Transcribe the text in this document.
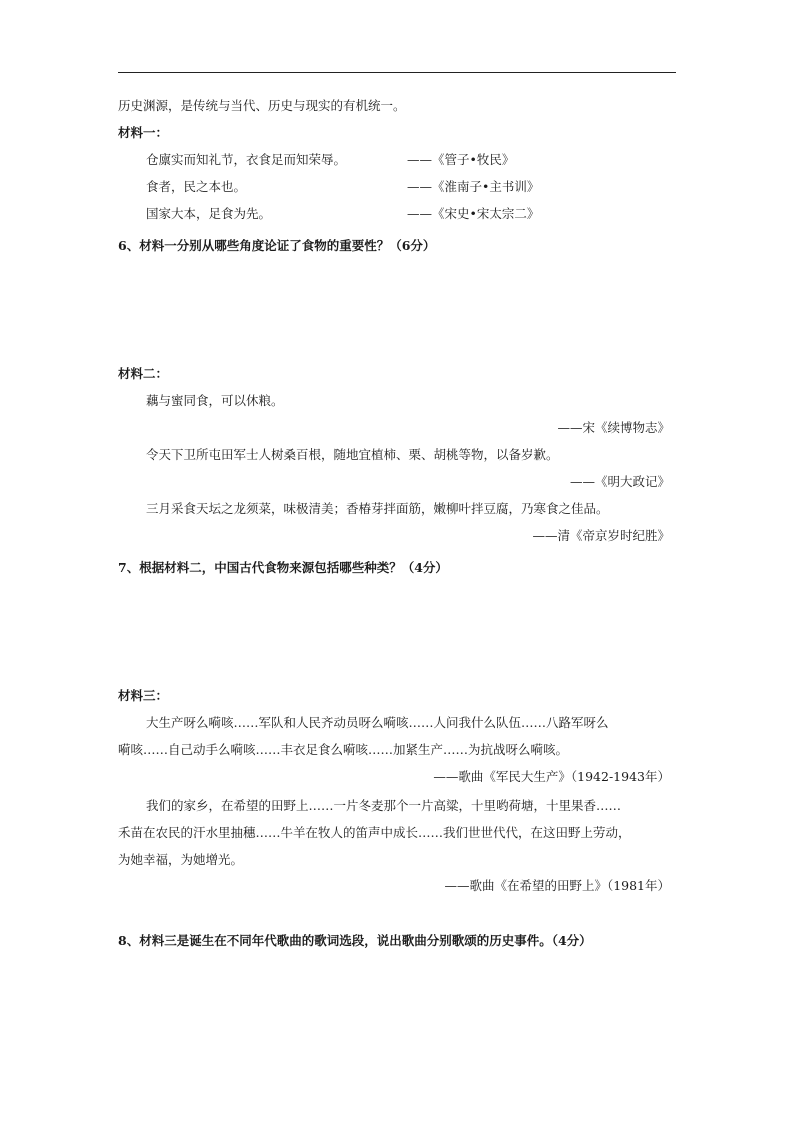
历史渊源，是传统与当代、历史与现实的有机统一。
材料一：
仓廪实而知礼节，衣食足而知荣辱。	——《管子•牧民》
食者，民之本也。	——《淮南子•主书训》
国家大本，足食为先。	——《宋史•宋太宗二》
6、材料一分别从哪些角度论证了食物的重要性？（6分）
材料二：
藕与蜜同食，可以休粮。
——宋《续博物志》
令天下卫所屯田军士人树桑百根，随地宜植柿、栗、胡桃等物，以备岁歉。
——《明大政记》
三月采食天坛之龙须菜，味极清美；香椿芽拌面筋，嫩柳叶拌豆腐，乃寒食之佳品。
——清《帝京岁时纪胜》
7、根据材料二，中国古代食物来源包括哪些种类？（4分）
材料三：
大生产呀么嗬咳……军队和人民齐动员呀么嗬咳……人问我什么队伍……八路军呀么
嗬咳……自己动手么嗬咳……丰衣足食么嗬咳……加紧生产……为抗战呀么嗬咳。
——歌曲《军民大生产》（1942-1943年）
我们的家乡，在希望的田野上……一片冬麦那个一片高粱，十里哟荷塘，十里果香……
禾苗在农民的汗水里抽穗……牛羊在牧人的笛声中成长……我们世世代代，在这田野上劳动，
为她幸福，为她增光。
——歌曲《在希望的田野上》（1981年）
8、材料三是诞生在不同年代歌曲的歌词选段，说出歌曲分别歌颂的历史事件。（4分）
